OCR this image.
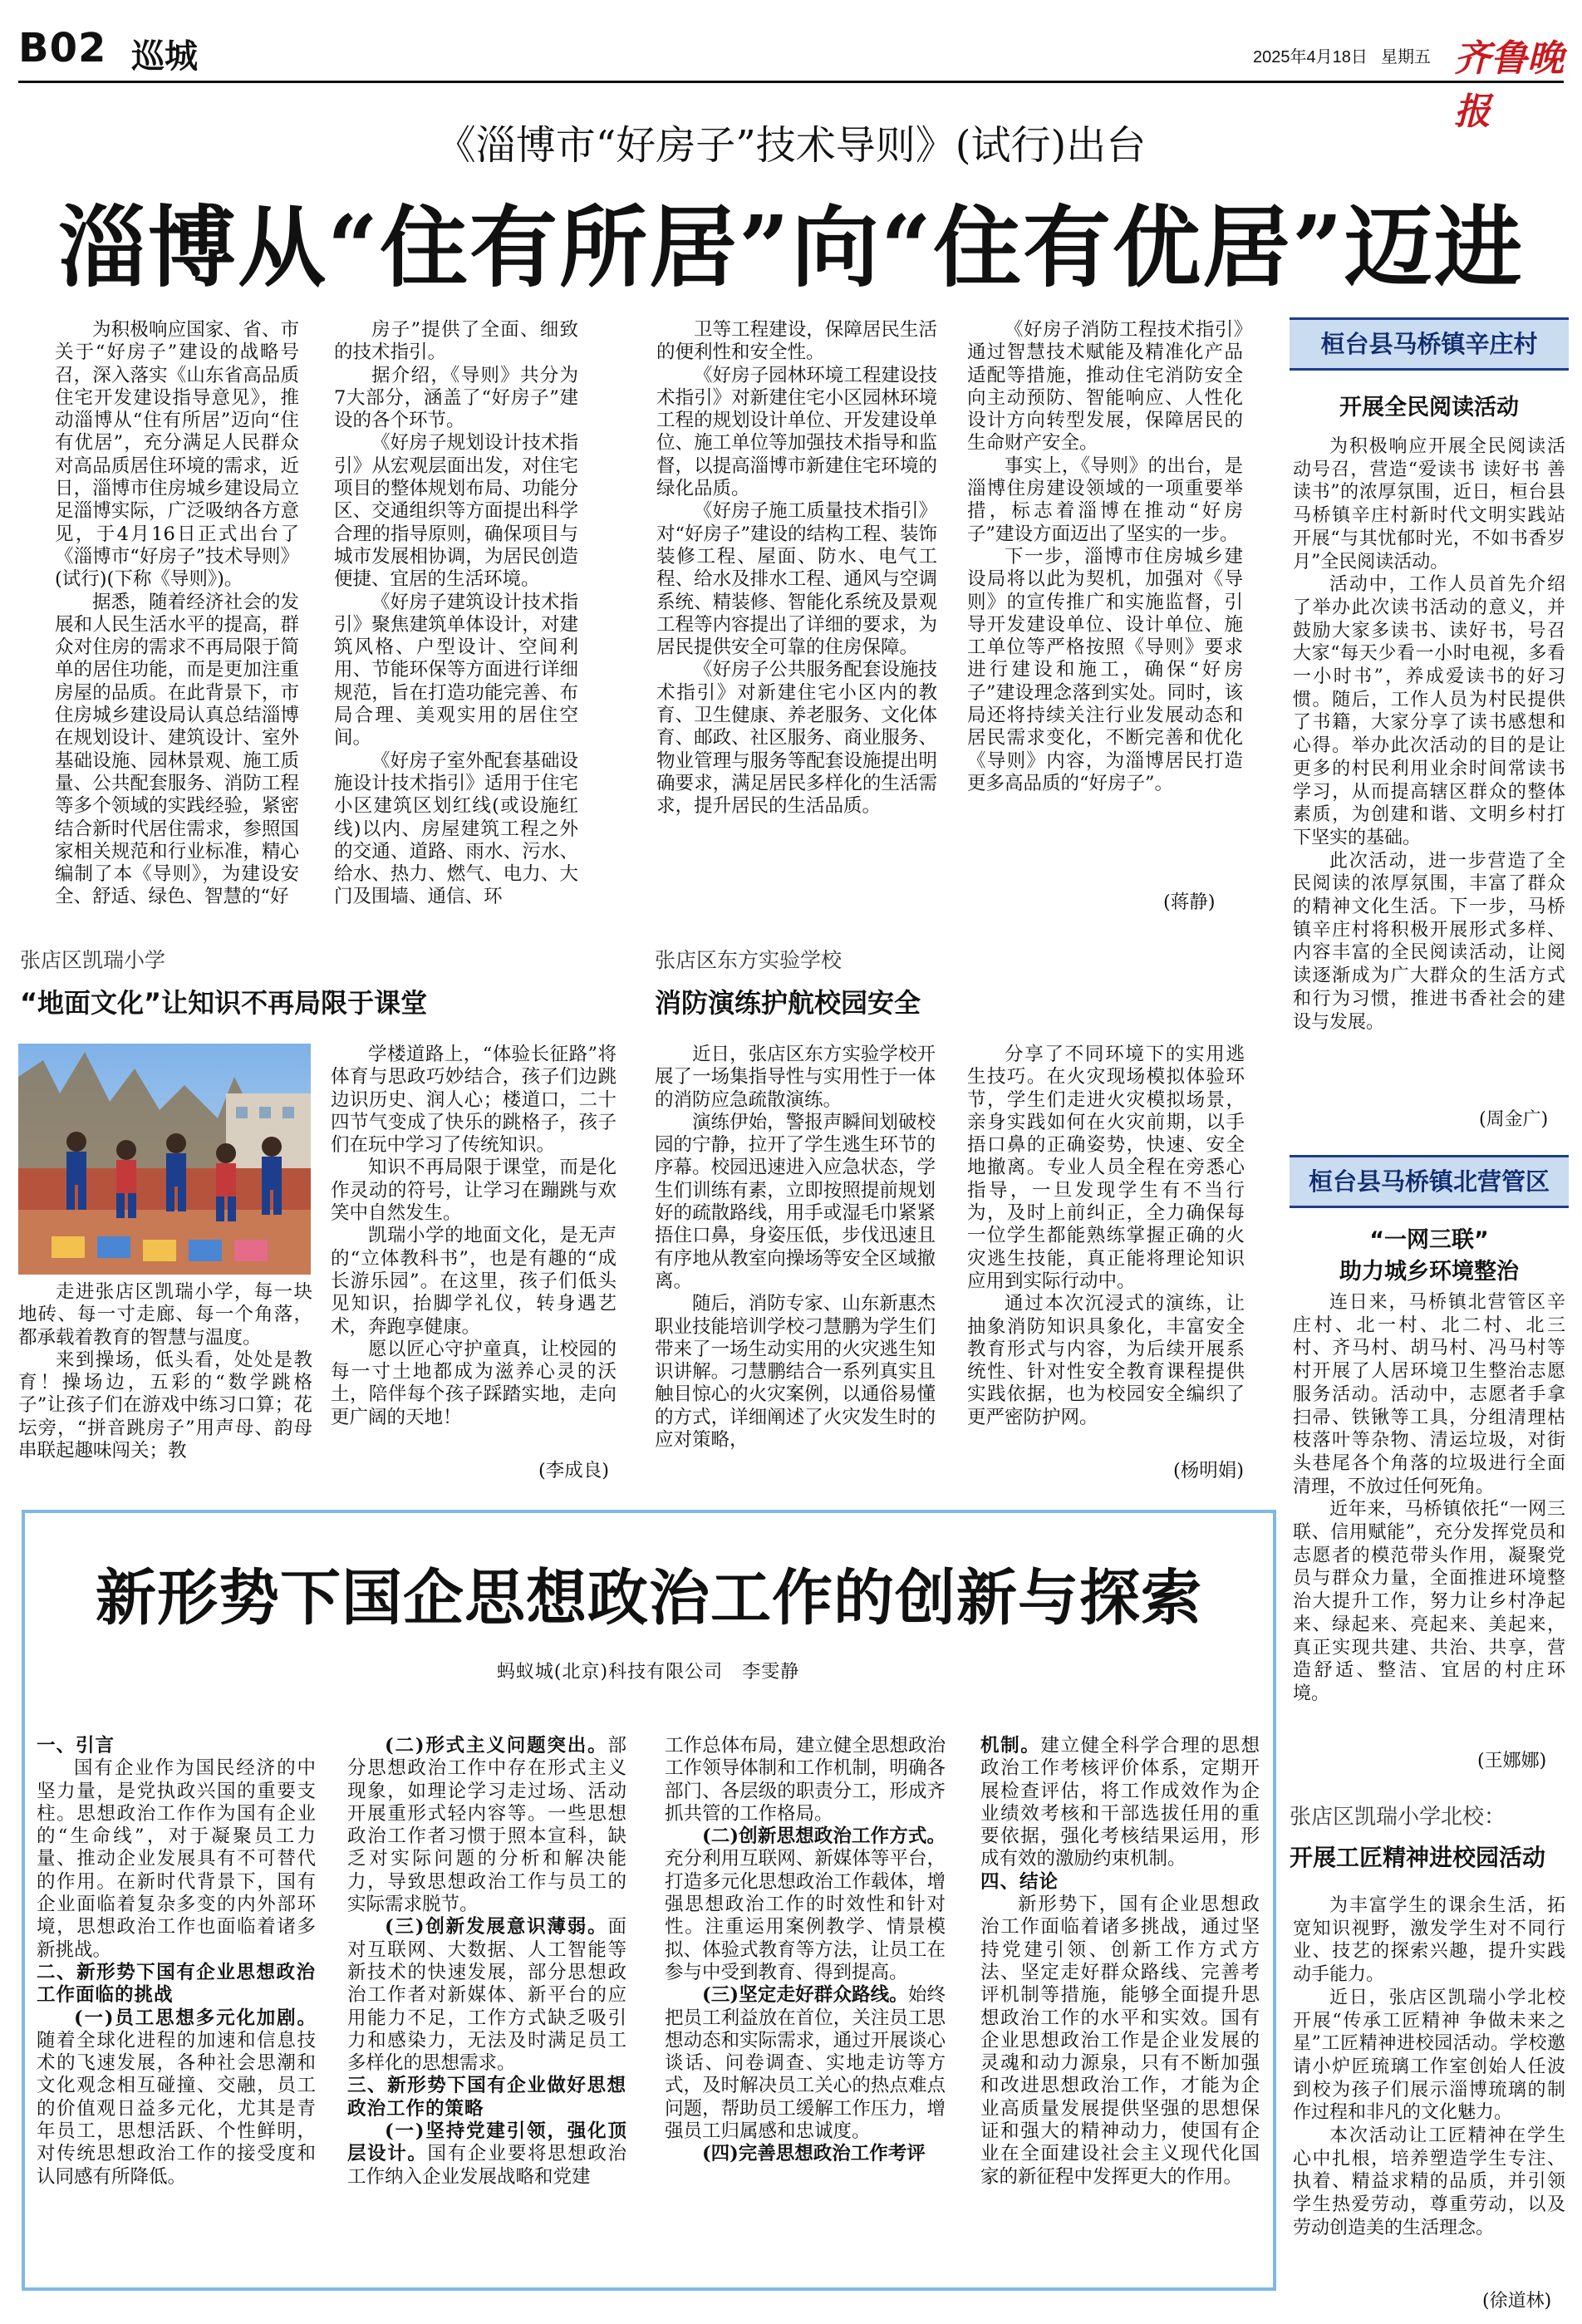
B02 巡城	2025年4月18日 星期五 齐鲁晚报
《淄博市“好房子”技术导则》(试行)出台
淄博从“住有所居”向“住有优居”迈进

为积极响应国家、省、市关于“好房子”建设的战略号召，深入落实《山东省高品质住宅开发建设指导意见》，推动淄博从“住有所居”迈向“住有优居”，充分满足人民群众对高品质居住环境的需求，近日，淄博市住房城乡建设局立足淄博实际，广泛吸纳各方意见，于4月16日正式出台了《淄博市“好房子”技术导则》(试行)(下称《导则》)。

据悉，随着经济社会的发展和人民生活水平的提高，群众对住房的需求不再局限于简单的居住功能，而是更加注重房屋的品质。在此背景下，市住房城乡建设局认真总结淄博在规划设计、建筑设计、室外基础设施、园林景观、施工质量、公共配套服务、消防工程等多个领域的实践经验，紧密结合新时代居住需求，参照国家相关规范和行业标准，精心编制了本《导则》，为建设安全、舒适、绿色、智慧的“好

房子”提供了全面、细致的技术指引。

据介绍，《导则》共分为7大部分，涵盖了“好房子”建设的各个环节。

《好房子规划设计技术指引》从宏观层面出发，对住宅项目的整体规划布局、功能分区、交通组织等方面提出科学合理的指导原则，确保项目与城市发展相协调，为居民创造便捷、宜居的生活环境。

《好房子建筑设计技术指引》聚焦建筑单体设计，对建筑风格、户型设计、空间利用、节能环保等方面进行详细规范，旨在打造功能完善、布局合理、美观实用的居住空间。

《好房子室外配套基础设施设计技术指引》适用于住宅小区建筑区划红线(或设施红线)以内、房屋建筑工程之外的交通、道路、雨水、污水、给水、热力、燃气、电力、大门及围墙、通信、环

卫等工程建设，保障居民生活的便利性和安全性。

《好房子园林环境工程建设技术指引》对新建住宅小区园林环境工程的规划设计单位、开发建设单位、施工单位等加强技术指导和监督，以提高淄博市新建住宅环境的绿化品质。

《好房子施工质量技术指引》对“好房子”建设的结构工程、装饰装修工程、屋面、防水、电气工程、给水及排水工程、通风与空调系统、精装修、智能化系统及景观工程等内容提出了详细的要求，为居民提供安全可靠的住房保障。

《好房子公共服务配套设施技术指引》对新建住宅小区内的教育、卫生健康、养老服务、文化体育、邮政、社区服务、商业服务、物业管理与服务等配套设施提出明确要求，满足居民多样化的生活需求，提升居民的生活品质。

《好房子消防工程技术指引》通过智慧技术赋能及精准化产品适配等措施，推动住宅消防安全向主动预防、智能响应、人性化设计方向转型发展，保障居民的生命财产安全。

事实上，《导则》的出台，是淄博住房建设领域的一项重要举措，标志着淄博在推动“好房子”建设方面迈出了坚实的一步。

下一步，淄博市住房城乡建设局将以此为契机，加强对《导则》的宣传推广和实施监督，引导开发建设单位、设计单位、施工单位等严格按照《导则》要求进行建设和施工，确保“好房子”建设理念落到实处。同时，该局还将持续关注行业发展动态和居民需求变化，不断完善和优化《导则》内容，为淄博居民打造更多高品质的“好房子”。

(蒋静)
张店区凯瑞小学
“地面文化”让知识不再局限于课堂

走进张店区凯瑞小学，每一块地砖、每一寸走廊、每一个角落，都承载着教育的智慧与温度。

来到操场，低头看，处处是教育！操场边，五彩的“数学跳格子”让孩子们在游戏中练习口算；花坛旁，“拼音跳房子”用声母、韵母串联起趣味闯关；教

学楼道路上，“体验长征路”将体育与思政巧妙结合，孩子们边跳边识历史、润人心；楼道口，二十四节气变成了快乐的跳格子，孩子们在玩中学习了传统知识。

知识不再局限于课堂，而是化作灵动的符号，让学习在蹦跳与欢笑中自然发生。

凯瑞小学的地面文化，是无声的“立体教科书”，也是有趣的“成长游乐园”。在这里，孩子们低头见知识，抬脚学礼仪，转身遇艺术，奔跑享健康。

愿以匠心守护童真，让校园的每一寸土地都成为滋养心灵的沃土，陪伴每个孩子踩踏实地，走向更广阔的天地！

(李成良)
张店区东方实验学校
消防演练护航校园安全

近日，张店区东方实验学校开展了一场集指导性与实用性于一体的消防应急疏散演练。

演练伊始，警报声瞬间划破校园的宁静，拉开了学生逃生环节的序幕。校园迅速进入应急状态，学生们训练有素，立即按照提前规划好的疏散路线，用手或湿毛巾紧紧捂住口鼻，身姿压低，步伐迅速且有序地从教室向操场等安全区域撤离。

随后，消防专家、山东新惠杰职业技能培训学校刁慧鹏为学生们带来了一场生动实用的火灾逃生知识讲解。刁慧鹏结合一系列真实且触目惊心的火灾案例，以通俗易懂的方式，详细阐述了火灾发生时的应对策略，

分享了不同环境下的实用逃生技巧。在火灾现场模拟体验环节，学生们走进火灾模拟场景，亲身实践如何在火灾前期，以手捂口鼻的正确姿势，快速、安全地撤离。专业人员全程在旁悉心指导，一旦发现学生有不当行为，及时上前纠正，全力确保每一位学生都能熟练掌握正确的火灾逃生技能，真正能将理论知识应用到实际行动中。

通过本次沉浸式的演练，让抽象消防知识具象化，丰富安全教育形式与内容，为后续开展系统性、针对性安全教育课程提供实践依据，也为校园安全编织了更严密防护网。

(杨明娟)
桓台县马桥镇辛庄村
开展全民阅读活动

为积极响应开展全民阅读活动号召，营造“爱读书 读好书 善读书”的浓厚氛围，近日，桓台县马桥镇辛庄村新时代文明实践站开展“与其忧郁时光，不如书香岁月”全民阅读活动。

活动中，工作人员首先介绍了举办此次读书活动的意义，并鼓励大家多读书、读好书，号召大家“每天少看一小时电视，多看一小时书”，养成爱读书的好习惯。随后，工作人员为村民提供了书籍，大家分享了读书感想和心得。举办此次活动的目的是让更多的村民利用业余时间常读书学习，从而提高辖区群众的整体素质，为创建和谐、文明乡村打下坚实的基础。

此次活动，进一步营造了全民阅读的浓厚氛围，丰富了群众的精神文化生活。下一步，马桥镇辛庄村将积极开展形式多样、内容丰富的全民阅读活动，让阅读逐渐成为广大群众的生活方式和行为习惯，推进书香社会的建设与发展。

(周金广)
桓台县马桥镇北营管区
“一网三联”
助力城乡环境整治

连日来，马桥镇北营管区辛庄村、北一村、北二村、北三村、齐马村、胡马村、冯马村等村开展了人居环境卫生整治志愿服务活动。活动中，志愿者手拿扫帚、铁锹等工具，分组清理枯枝落叶等杂物、清运垃圾，对街头巷尾各个角落的垃圾进行全面清理，不放过任何死角。

近年来，马桥镇依托“一网三联、信用赋能”，充分发挥党员和志愿者的模范带头作用，凝聚党员与群众力量，全面推进环境整治大提升工作，努力让乡村净起来、绿起来、亮起来、美起来，真正实现共建、共治、共享，营造舒适、整洁、宜居的村庄环境。

(王娜娜)
张店区凯瑞小学北校：
开展工匠精神进校园活动

为丰富学生的课余生活，拓宽知识视野，激发学生对不同行业、技艺的探索兴趣，提升实践动手能力。

近日，张店区凯瑞小学北校开展“传承工匠精神 争做未来之星”工匠精神进校园活动。学校邀请小炉匠琉璃工作室创始人任波到校为孩子们展示淄博琉璃的制作过程和非凡的文化魅力。

本次活动让工匠精神在学生心中扎根，培养塑造学生专注、执着、精益求精的品质，并引领学生热爱劳动，尊重劳动，以及劳动创造美的生活理念。

(徐道林)
新形势下国企思想政治工作的创新与探索
蚂蚁城(北京)科技有限公司　李雯静

一、引言

国有企业作为国民经济的中坚力量，是党执政兴国的重要支柱。思想政治工作作为国有企业的“生命线”，对于凝聚员工力量、推动企业发展具有不可替代的作用。在新时代背景下，国有企业面临着复杂多变的内外部环境，思想政治工作也面临着诸多新挑战。

二、新形势下国有企业思想政治工作面临的挑战

(一)员工思想多元化加剧。随着全球化进程的加速和信息技术的飞速发展，各种社会思潮和文化观念相互碰撞、交融，员工的价值观日益多元化，尤其是青年员工，思想活跃、个性鲜明，对传统思想政治工作的接受度和认同感有所降低。

(二)形式主义问题突出。部分思想政治工作中存在形式主义现象，如理论学习走过场、活动开展重形式轻内容等。一些思想政治工作者习惯于照本宣科，缺乏对实际问题的分析和解决能力，导致思想政治工作与员工的实际需求脱节。

(三)创新发展意识薄弱。面对互联网、大数据、人工智能等新技术的快速发展，部分思想政治工作者对新媒体、新平台的应用能力不足，工作方式缺乏吸引力和感染力，无法及时满足员工多样化的思想需求。

三、新形势下国有企业做好思想政治工作的策略

(一)坚持党建引领，强化顶层设计。国有企业要将思想政治工作纳入企业发展战略和党建

工作总体布局，建立健全思想政治工作领导体制和工作机制，明确各部门、各层级的职责分工，形成齐抓共管的工作格局。

(二)创新思想政治工作方式。充分利用互联网、新媒体等平台，打造多元化思想政治工作载体，增强思想政治工作的时效性和针对性。注重运用案例教学、情景模拟、体验式教育等方法，让员工在参与中受到教育、得到提高。

(三)坚定走好群众路线。始终把员工利益放在首位，关注员工思想动态和实际需求，通过开展谈心谈话、问卷调查、实地走访等方式，及时解决员工关心的热点难点问题，帮助员工缓解工作压力，增强员工归属感和忠诚度。

(四)完善思想政治工作考评

机制。建立健全科学合理的思想政治工作考核评价体系，定期开展检查评估，将工作成效作为企业绩效考核和干部选拔任用的重要依据，强化考核结果运用，形成有效的激励约束机制。

四、结论

新形势下，国有企业思想政治工作面临着诸多挑战，通过坚持党建引领、创新工作方式方法、坚定走好群众路线、完善考评机制等措施，能够全面提升思想政治工作的水平和实效。国有企业思想政治工作是企业发展的灵魂和动力源泉，只有不断加强和改进思想政治工作，才能为企业高质量发展提供坚强的思想保证和强大的精神动力，使国有企业在全面建设社会主义现代化国家的新征程中发挥更大的作用。
